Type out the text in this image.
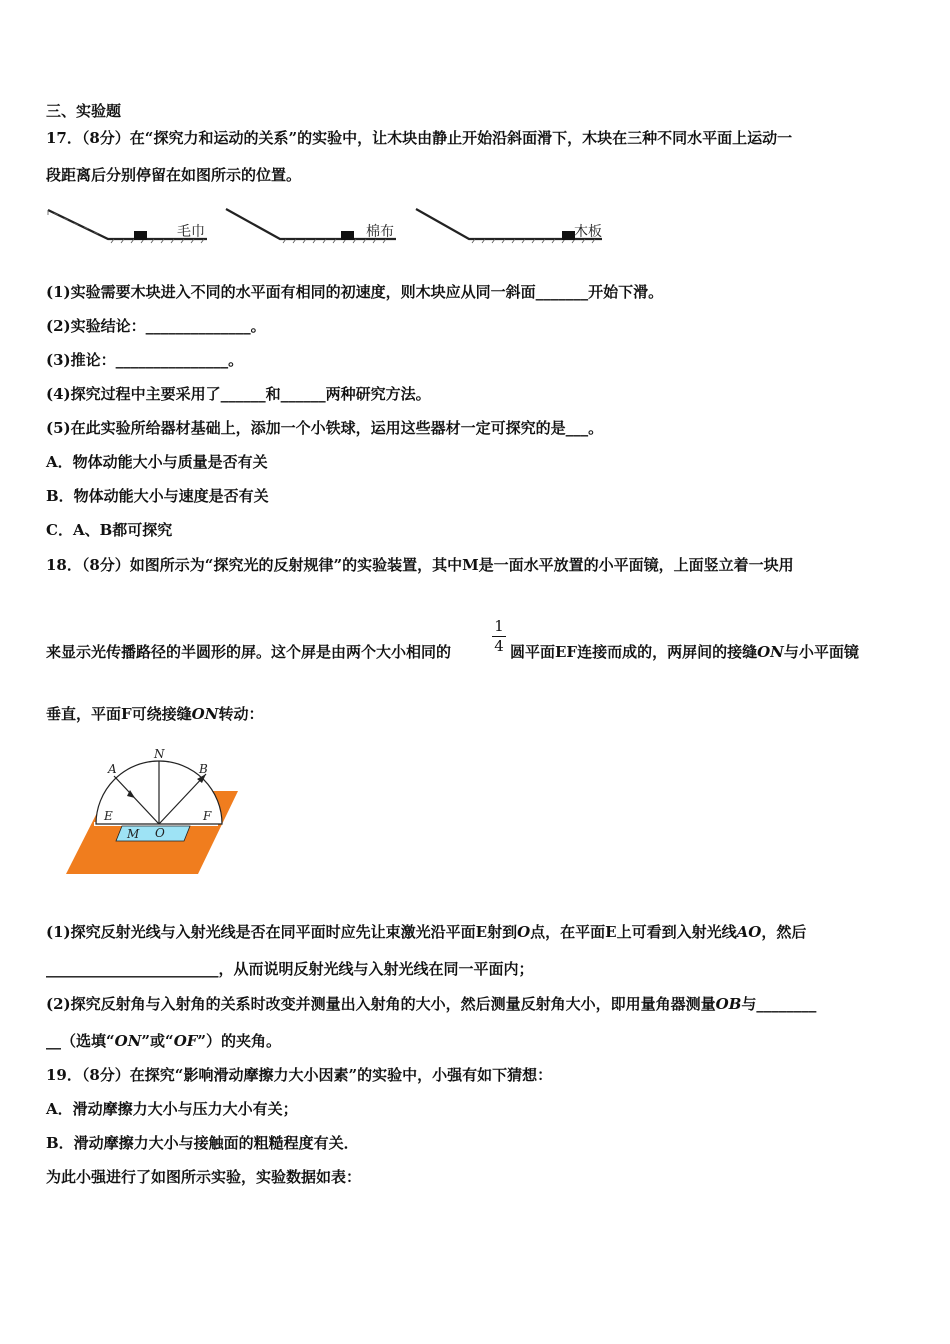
三、实验题
17．（8分）在“探究力和运动的关系”的实验中，让木块由静止开始沿斜面滑下，木块在三种不同水平面上运动一
段距离后分别停留在如图所示的位置。
毛巾	棉布	木板
(1)实验需要木块进入不同的水平面有相同的初速度，则木块应从同一斜面_______开始下滑。
(2)实验结论：______________。
(3)推论：_______________。
(4)探究过程中主要采用了______和______两种研究方法。
(5)在此实验所给器材基础上，添加一个小铁球，运用这些器材一定可探究的是___。
A．物体动能大小与质量是否有关
B．物体动能大小与速度是否有关
C．A、B都可探究
18．（8分）如图所示为“探究光的反射规律”的实验装置，其中M是一面水平放置的小平面镜，上面竖立着一块用
来显示光传播路径的半圆形的屏。这个屏是由两个大小相同的
1
4 圆平面EF连接而成的，两屏间的接缝ON与小平面镜
垂直，平面F可绕接缝ON转动：
N
A	B
E	F
O
M
(1)探究反射光线与入射光线是否在同平面时应先让束激光沿平面E射到O点，在平面E上可看到入射光线AO，然后
_______________________，从而说明反射光线与入射光线在同一平面内；
(2)探究反射角与入射角的关系时改变并测量出入射角的大小，然后测量反射角大小，即用量角器测量OB与________
__（选填“ON”或“OF”）的夹角。
19．（8分）在探究“影响滑动摩擦力大小因素”的实验中，小强有如下猜想：
A．滑动摩擦力大小与压力大小有关；
B．滑动摩擦力大小与接触面的粗糙程度有关．
为此小强进行了如图所示实验，实验数据如表：
